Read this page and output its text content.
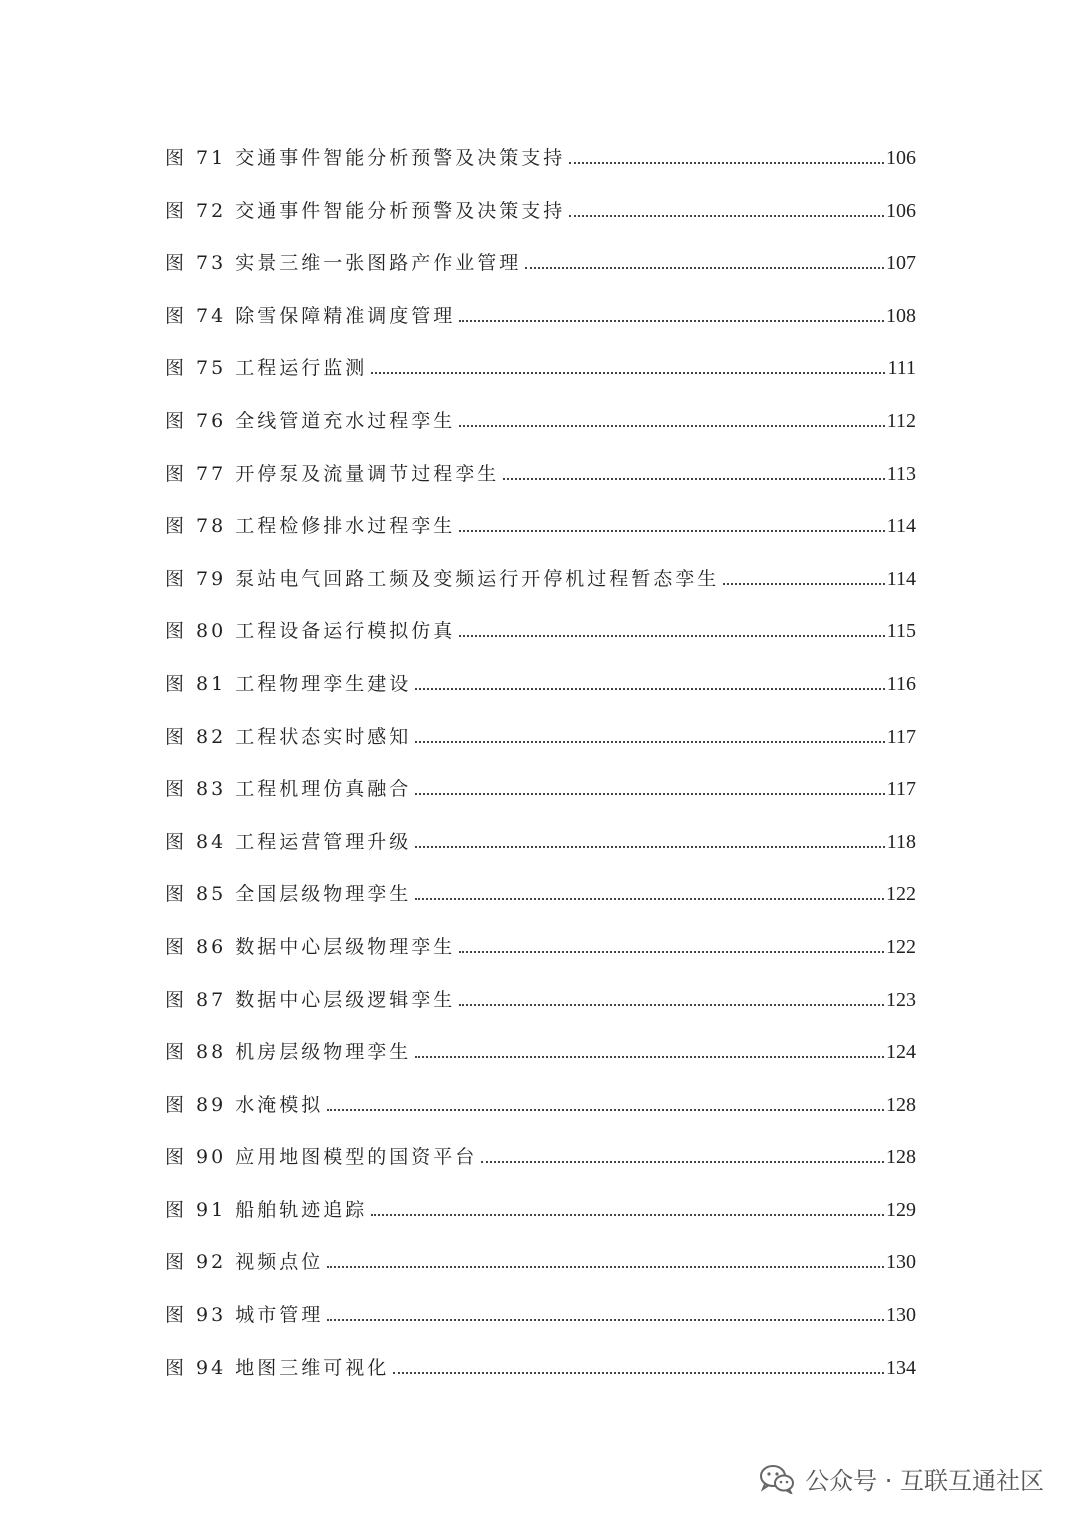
图 71 交通事件智能分析预警及决策支持	106
图 72 交通事件智能分析预警及决策支持	106
图 73 实景三维一张图路产作业管理	107
图 74 除雪保障精准调度管理	108
图 75 工程运行监测	111
图 76 全线管道充水过程孪生	112
图 77 开停泵及流量调节过程孪生	113
图 78 工程检修排水过程孪生	114
图 79 泵站电气回路工频及变频运行开停机过程暂态孪生	114
图 80 工程设备运行模拟仿真	115
图 81 工程物理孪生建设	116
图 82 工程状态实时感知	117
图 83 工程机理仿真融合	117
图 84 工程运营管理升级	118
图 85 全国层级物理孪生	122
图 86 数据中心层级物理孪生	122
图 87 数据中心层级逻辑孪生	123
图 88 机房层级物理孪生	124
图 89 水淹模拟	128
图 90 应用地图模型的国资平台	128
图 91 船舶轨迹追踪	129
图 92 视频点位	130
图 93 城市管理	130
图 94 地图三维可视化	134
公众号 · 互联互通社区
